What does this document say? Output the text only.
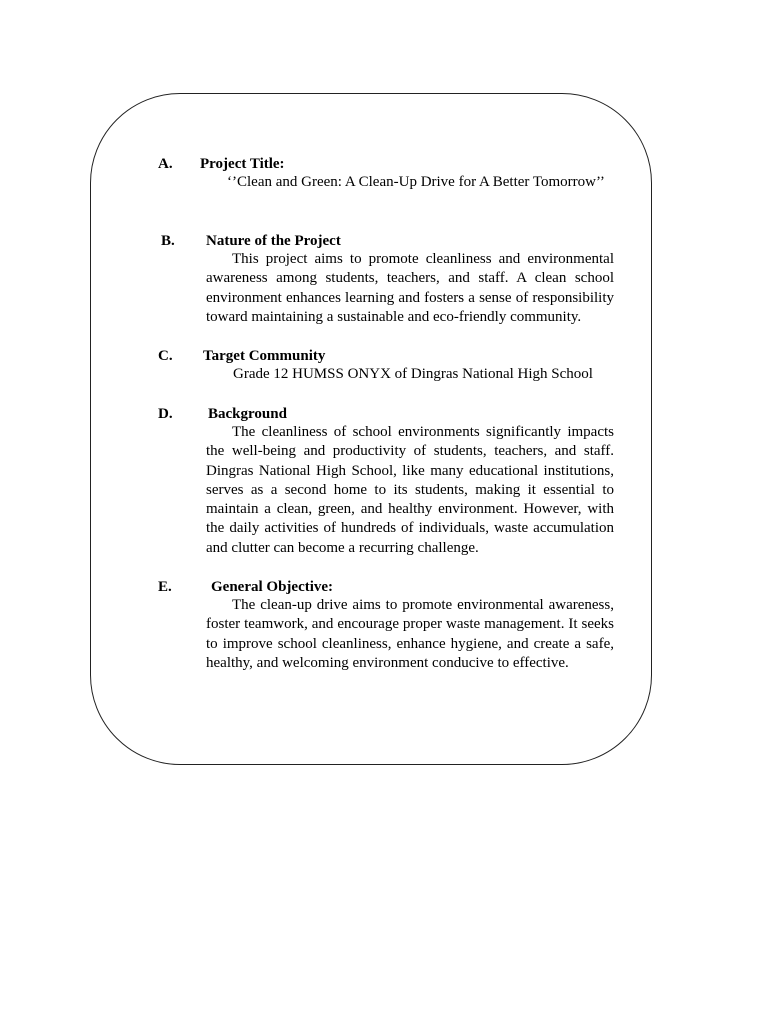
A. Project Title:
‘’Clean and Green: A Clean-Up Drive for A Better Tomorrow’’
B. Nature of the Project
This project aims to promote cleanliness and environmental awareness among students, teachers, and staff. A clean school environment enhances learning and fosters a sense of responsibility toward maintaining a sustainable and eco-friendly community.
C. Target Community
Grade 12 HUMSS ONYX of Dingras National High School
D. Background
The cleanliness of school environments significantly impacts the well-being and productivity of students, teachers, and staff. Dingras National High School, like many educational institutions, serves as a second home to its students, making it essential to maintain a clean, green, and healthy environment. However, with the daily activities of hundreds of individuals, waste accumulation and clutter can become a recurring challenge.
E.	General Objective:
The clean-up drive aims to promote environmental awareness, foster teamwork, and encourage proper waste management. It seeks to improve school cleanliness, enhance hygiene, and create a safe, healthy, and welcoming environment conducive to effective.
